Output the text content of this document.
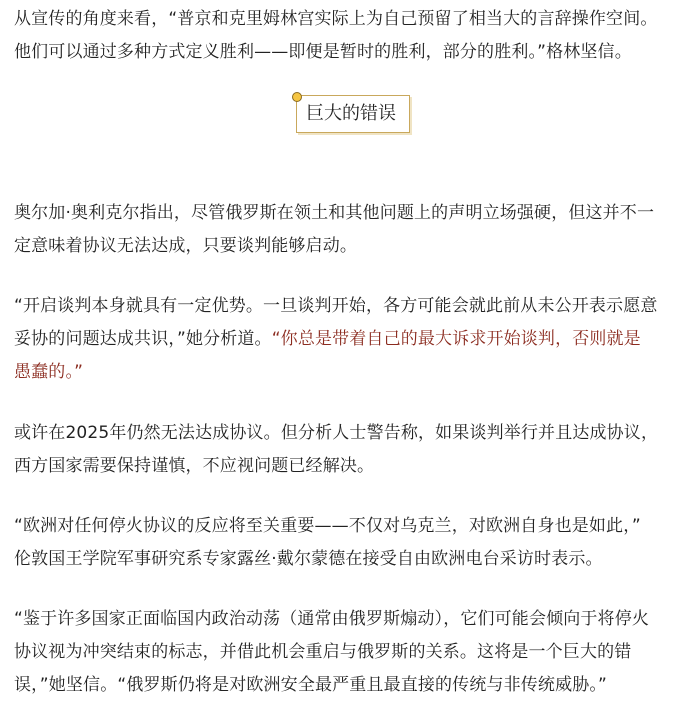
从宣传的角度来看，“普京和克里姆林宫实际上为自己预留了相当大的言辞操作空间。
他们可以通过多种方式定义胜利——即便是暂时的胜利，部分的胜利。”格林坚信。

奥尔加·奥利克尔指出，尽管俄罗斯在领土和其他问题上的声明立场强硬，但这并不一
定意味着协议无法达成，只要谈判能够启动。

“开启谈判本身就具有一定优势。一旦谈判开始，各方可能会就此前从未公开表示愿意
妥协的问题达成共识，”她分析道。“你总是带着自己的最大诉求开始谈判，否则就是
愚蠢的。”

或许在2025年仍然无法达成协议。但分析人士警告称，如果谈判举行并且达成协议，
西方国家需要保持谨慎，不应视问题已经解决。

“欧洲对任何停火协议的反应将至关重要——不仅对乌克兰，对欧洲自身也是如此，”
伦敦国王学院军事研究系专家露丝·戴尔蒙德在接受自由欧洲电台采访时表示。

“鉴于许多国家正面临国内政治动荡（通常由俄罗斯煽动），它们可能会倾向于将停火
协议视为冲突结束的标志，并借此机会重启与俄罗斯的关系。这将是一个巨大的错
误，”她坚信。“俄罗斯仍将是对欧洲安全最严重且最直接的传统与非传统威胁。”

巨大的错误
